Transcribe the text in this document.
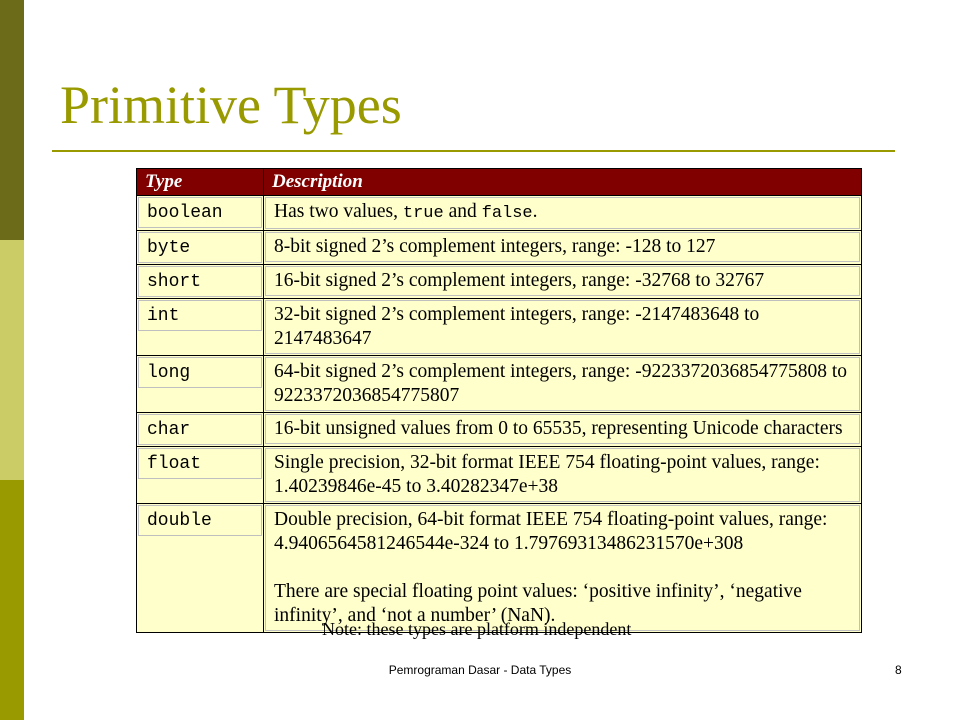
Primitive Types
Type	Description

boolean	Has two values, true and false.

byte	8-bit signed 2’s complement integers, range: -128 to 127

short	16-bit signed 2’s complement integers, range: -32768 to 32767

int	32-bit signed 2’s complement integers, range: -2147483648 to 2147483647

long	64-bit signed 2’s complement integers, range: -9223372036854775808 to 9223372036854775807

char	16-bit unsigned values from 0 to 65535, representing Unicode characters

float	Single precision, 32-bit format IEEE 754 floating-point values, range: 1.40239846e-45 to 3.40282347e+38

double	Double precision, 64-bit format IEEE 754 floating-point values, range: 4.9406564581246544e-324 to 1.79769313486231570e+308
There are special floating point values: ‘positive infinity’, ‘negative infinity’, and ‘not a number’ (NaN).
Note: these types are platform independent
Pemrograman Dasar - Data Types	8
